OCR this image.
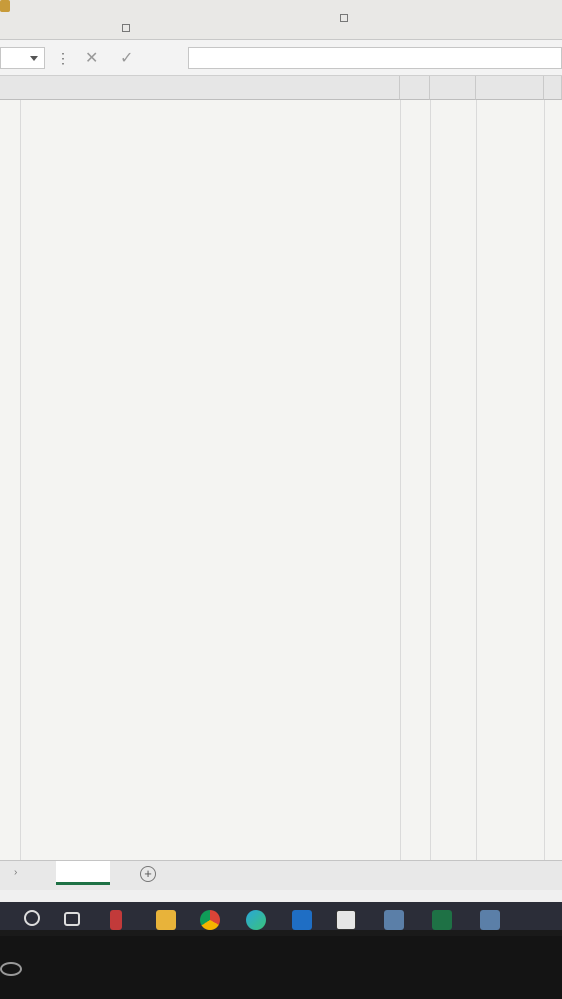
⋮ ✕ ✓
›	+
